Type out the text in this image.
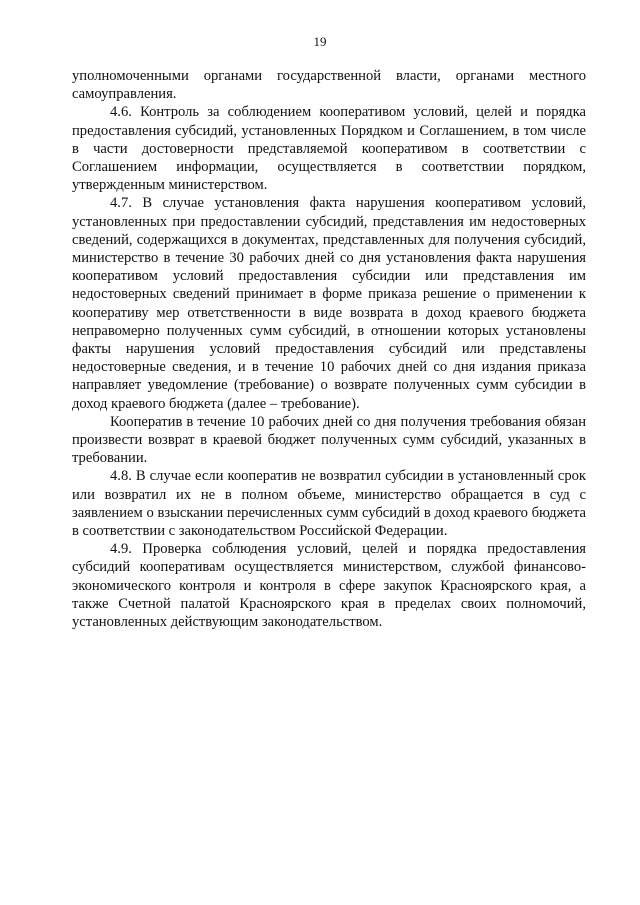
19

уполномоченными органами государственной власти, органами местного самоуправления.

4.6. Контроль за соблюдением кооперативом условий, целей и порядка предоставления субсидий, установленных Порядком и Соглашением, в том числе в части достоверности представляемой кооперативом в соответствии с Соглашением информации, осуществляется в соответствии порядком, утвержденным министерством.

4.7. В случае установления факта нарушения кооперативом условий, установленных при предоставлении субсидий, представления им недостоверных сведений, содержащихся в документах, представленных для получения субсидий, министерство в течение 30 рабочих дней со дня установления факта нарушения кооперативом условий предоставления субсидии или представления им недостоверных сведений принимает в форме приказа решение о применении к кооперативу мер ответственности в виде возврата в доход краевого бюджета неправомерно полученных сумм субсидий, в отношении которых установлены факты нарушения условий предоставления субсидий или представлены недостоверные сведения, и в течение 10 рабочих дней со дня издания приказа направляет уведомление (требование) о возврате полученных сумм субсидии в доход краевого бюджета (далее – требование).

Кооператив в течение 10 рабочих дней со дня получения требования обязан произвести возврат в краевой бюджет полученных сумм субсидий, указанных в требовании.

4.8. В случае если кооператив не возвратил субсидии в установленный срок или возвратил их не в полном объеме, министерство обращается в суд с заявлением о взыскании перечисленных сумм субсидий в доход краевого бюджета в соответствии с законодательством Российской Федерации.

4.9. Проверка соблюдения условий, целей и порядка предоставления субсидий кооперативам осуществляется министерством, службой финансово-экономического контроля и контроля в сфере закупок Красноярского края, а также Счетной палатой Красноярского края в пределах своих полномочий, установленных действующим законодательством.
